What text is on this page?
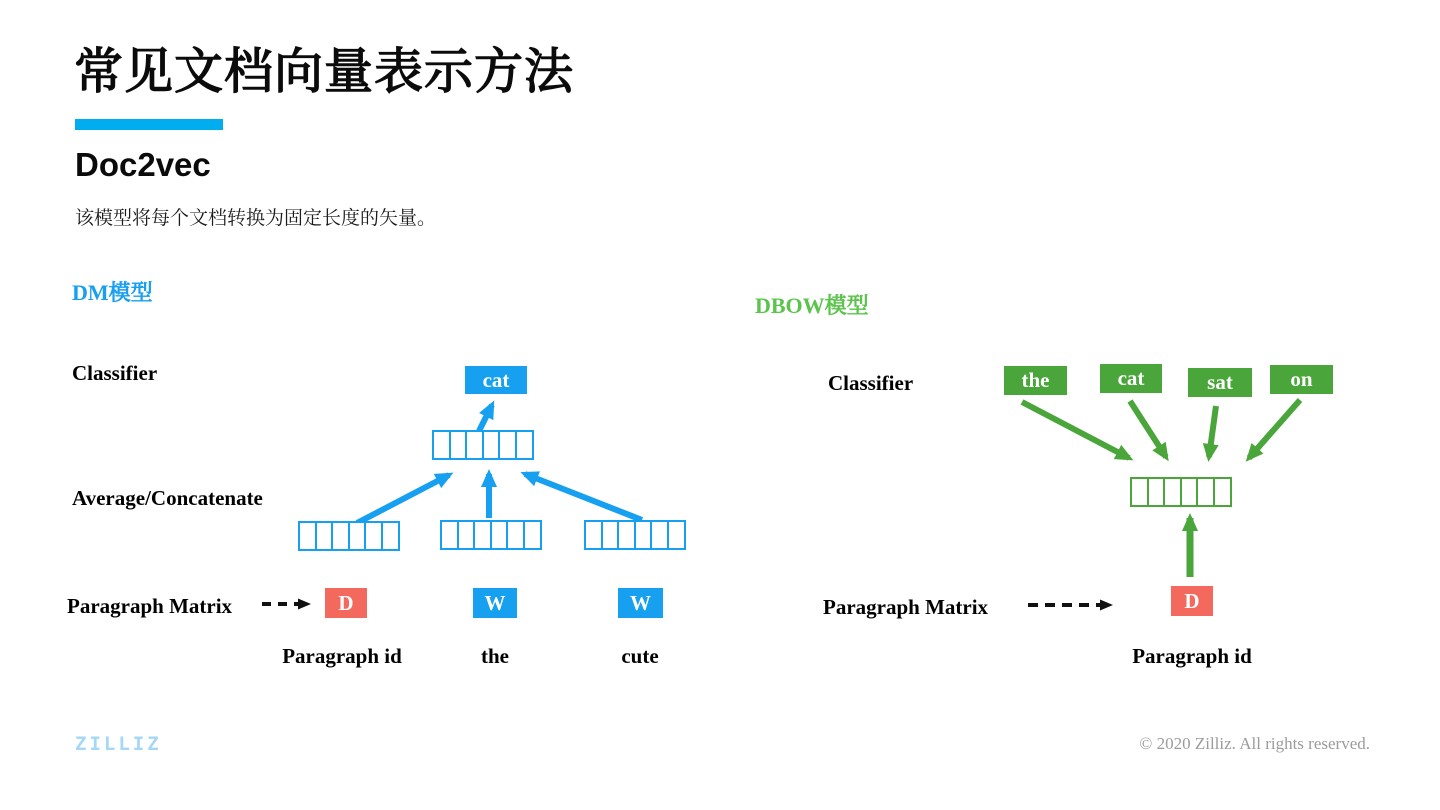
常见文档向量表示方法
Doc2vec
该模型将每个文档转换为固定长度的矢量。
DM模型
DBOW模型
Classifier	cat
Average/Concatenate
Paragraph Matrix	D	W	W
Paragraph id	the	cute
Classifier	the	cat	sat	on
Paragraph Matrix	D
Paragraph id
ZILLIZ	© 2020 Zilliz. All rights reserved.
